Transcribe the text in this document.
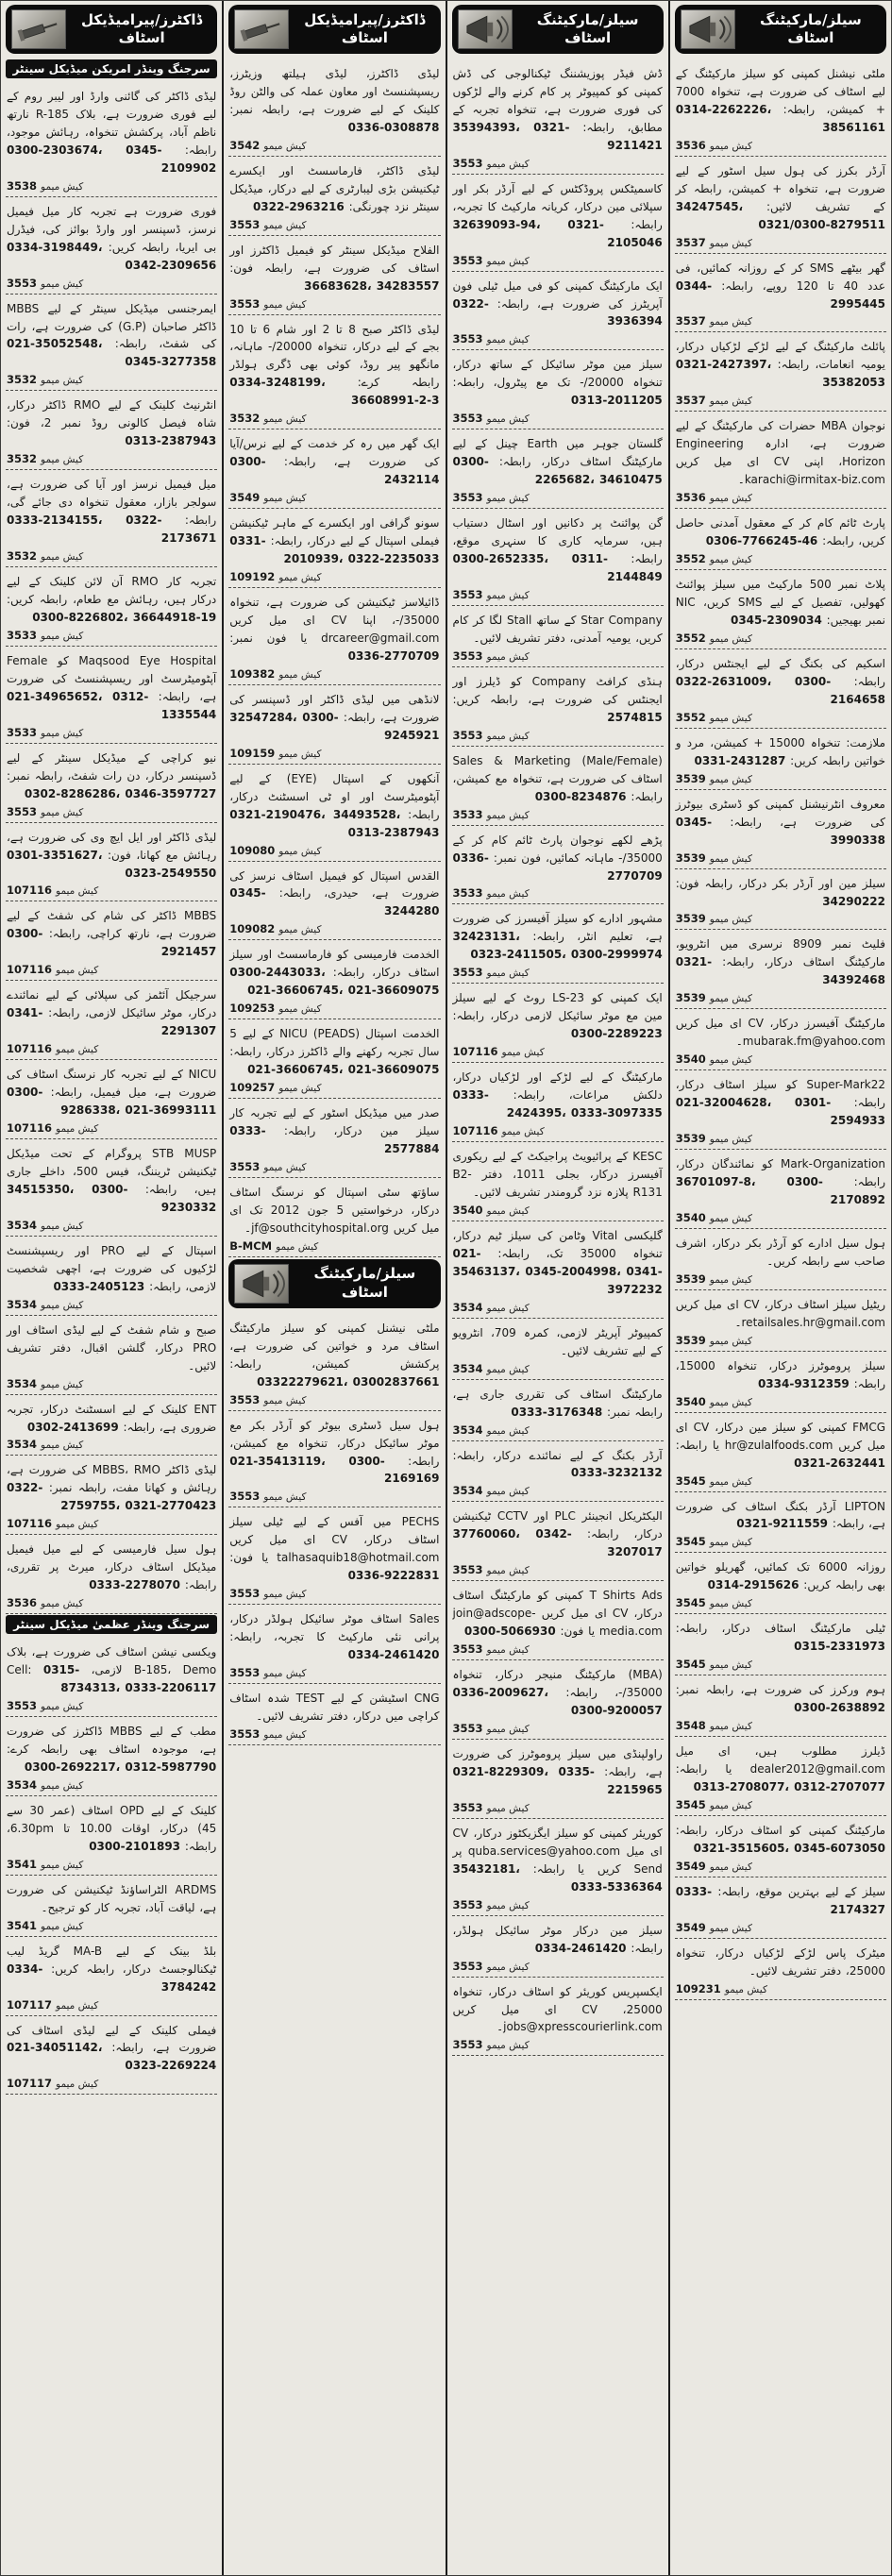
ڈاکٹرز/پیرامیڈیکل اسٹاف
سرجنگ وینڈر امریکن میڈیکل سینٹر

لیڈی ڈاکٹر کی گائنی وارڈ اور لیبر روم کے لیے فوری ضرورت ہے، بلاک R-185 نارتھ ناظم آباد، پرکشش تنخواہ، رہائش موجود، رابطہ: 0300-2303674، 0345-2109902

کیش میمو
3538

فوری ضرورت ہے تجربہ کار میل فیمیل نرسز، ڈسپنسر اور وارڈ بوائز کی، فیڈرل بی ایریا، رابطہ کریں: 0334-3198449، 0342-2309656

کیش میمو
3553

ایمرجنسی میڈیکل سینٹر کے لیے MBBS ڈاکٹر صاحبان (G.P) کی ضرورت ہے، رات کی شفٹ، رابطہ: 021-35052548، 0345-3277358

کیش میمو
3532

انٹرنیٹ کلینک کے لیے RMO ڈاکٹر درکار، شاہ فیصل کالونی روڈ نمبر 2، فون: 0313-2387943

کیش میمو
3532

میل فیمیل نرسز اور آیا کی ضرورت ہے، سولجر بازار، معقول تنخواہ دی جائے گی، رابطہ: 0333-2134155، 0322-2173671

کیش میمو
3532

تجربہ کار RMO آن لائن کلینک کے لیے درکار ہیں، رہائش مع طعام، رابطہ کریں: 0300-8226802، 36644918-19

کیش میمو
3533

Maqsood Eye Hospital کو Female آپٹومیٹرسٹ اور ریسپشنسٹ کی ضرورت ہے، رابطہ: 021-34965652، 0312-1335544

کیش میمو
3533

نیو کراچی کے میڈیکل سینٹر کے لیے ڈسپنسر درکار، دن رات شفٹ، رابطہ نمبر: 0302-8286286، 0346-3597727

کیش میمو
3553

لیڈی ڈاکٹر اور ایل ایچ وی کی ضرورت ہے، رہائش مع کھانا، فون: 0301-3351627، 0323-2549550

کیش میمو
107116

MBBS ڈاکٹر کی شام کی شفٹ کے لیے ضرورت ہے، نارتھ کراچی، رابطہ: 0300-2921457

کیش میمو
107116

سرجیکل آئٹمز کی سپلائی کے لیے نمائندے درکار، موٹر سائیکل لازمی، رابطہ: 0341-2291307

کیش میمو
107116

NICU کے لیے تجربہ کار نرسنگ اسٹاف کی ضرورت ہے، میل فیمیل، رابطہ: 0300-9286338، 021-36993111

کیش میمو
107116

STB MUSP پروگرام کے تحت میڈیکل ٹیکنیشن ٹریننگ، فیس 500، داخلے جاری ہیں، رابطہ: 34515350، 0300-9230332

کیش میمو
3534

اسپتال کے لیے PRO اور ریسپشنسٹ لڑکیوں کی ضرورت ہے، اچھی شخصیت لازمی، رابطہ: 0333-2405123

کیش میمو
3534

صبح و شام شفٹ کے لیے لیڈی اسٹاف اور PRO درکار، گلشن اقبال، دفتر تشریف لائیں۔

کیش میمو
3534

ENT کلینک کے لیے اسسٹنٹ درکار، تجربہ ضروری ہے، رابطہ: 0302-2413699

کیش میمو
3534

لیڈی ڈاکٹر MBBS، RMO کی ضرورت ہے، رہائش و کھانا مفت، رابطہ نمبر: 0322-2759755، 0321-2770423

کیش میمو
107116

ہول سیل فارمیسی کے لیے میل فیمیل میڈیکل اسٹاف درکار، میرٹ پر تقرری، رابطہ: 0333-2278070

کیش میمو
3536
سرجنگ وینڈر عظمیٰ میڈیکل سینٹر

ویکسی نیشن اسٹاف کی ضرورت ہے، بلاک B-185، Demo لازمی، Cell: 0315-8734313، 0333-2206117

کیش میمو
3553

مطب کے لیے MBBS ڈاکٹرز کی ضرورت ہے، موجودہ اسٹاف بھی رابطہ کرے: 0300-2692217، 0312-5987790

کیش میمو
3534

کلینک کے لیے OPD اسٹاف (عمر 30 سے 45) درکار، اوقات 10.00 تا 6.30pm، رابطہ: 0300-2101893

کیش میمو
3541

ARDMS الٹراساؤنڈ ٹیکنیشن کی ضرورت ہے، لیاقت آباد، تجربہ کار کو ترجیح۔

کیش میمو
3541

بلڈ بینک کے لیے MA-B گریڈ لیب ٹیکنالوجسٹ درکار، رابطہ کریں: 0334-3784242

کیش میمو
107117

فیملی کلینک کے لیے لیڈی اسٹاف کی ضرورت ہے، رابطہ: 021-34051142، 0323-2269224

کیش میمو
107117
ڈاکٹرز/پیرامیڈیکل اسٹاف

لیڈی ڈاکٹرز، لیڈی ہیلتھ وزیٹرز، ریسپشنسٹ اور معاون عملہ کی والٹن روڈ کلینک کے لیے ضرورت ہے، رابطہ نمبر: 0336-0308878

کیش میمو
3542

لیڈی ڈاکٹر، فارماسسٹ اور ایکسرے ٹیکنیشن بڑی لیبارٹری کے لیے درکار، میڈیکل سینٹر نزد چورنگی: 0322-2963216

کیش میمو
3553

الفلاح میڈیکل سینٹر کو فیمیل ڈاکٹرز اور اسٹاف کی ضرورت ہے، رابطہ فون: 36683628، 34283557

کیش میمو
3553

لیڈی ڈاکٹر صبح 8 تا 2 اور شام 6 تا 10 بجے کے لیے درکار، تنخواہ 20000/- ماہانہ، مانگھو پیر روڈ، کوئی بھی ڈگری ہولڈر رابطہ کرے: 0334-3248199، 36608991-2-3

کیش میمو
3532

ایک گھر میں رہ کر خدمت کے لیے نرس/آیا کی ضرورت ہے، رابطہ: 0300-2432114

کیش میمو
3549

سونو گرافی اور ایکسرے کے ماہر ٹیکنیشن فیملی اسپتال کے لیے درکار، رابطہ: 0331-2010939، 0322-2235033

کیش میمو
109192

ڈائیلاسز ٹیکنیشن کی ضرورت ہے، تنخواہ 35000/-، اپنا CV ای میل کریں drcareer@gmail.com یا فون نمبر: 0336-2770709

کیش میمو
109382

لانڈھی میں لیڈی ڈاکٹر اور ڈسپنسر کی ضرورت ہے، رابطہ: 32547284، 0300-9245921

کیش میمو
109159

آنکھوں کے اسپتال (EYE) کے لیے آپٹومیٹرسٹ اور او ٹی اسسٹنٹ درکار، رابطہ: 0321-2190476، 34493528، 0313-2387943

کیش میمو
109080

القدس اسپتال کو فیمیل اسٹاف نرسز کی ضرورت ہے، حیدری، رابطہ: 0345-3244280

کیش میمو
109082

الخدمت فارمیسی کو فارماسسٹ اور سیلز اسٹاف درکار، رابطہ: 0300-2443033، 021-36606745، 021-36609075

کیش میمو
109253

الخدمت اسپتال NICU (PEADS) کے لیے 5 سال تجربہ رکھنے والے ڈاکٹرز درکار، رابطہ: 021-36606745، 021-36609075

کیش میمو
109257

صدر میں میڈیکل اسٹور کے لیے تجربہ کار سیلز مین درکار، رابطہ: 0333-2577884

کیش میمو
3553

ساؤتھ سٹی اسپتال کو نرسنگ اسٹاف درکار، درخواستیں 5 جون 2012 تک ای میل کریں jf@southcityhospital.org۔

کیش میمو
B-MCM
سیلز/مارکیٹنگ اسٹاف

ملٹی نیشنل کمپنی کو سیلز مارکیٹنگ اسٹاف مرد و خواتین کی ضرورت ہے، پرکشش کمیشن، رابطہ: 03322279621، 03002837661

کیش میمو
3553

ہول سیل ڈسٹری بیوٹر کو آرڈر بکر مع موٹر سائیکل درکار، تنخواہ مع کمیشن، رابطہ: 021-35413119، 0300-2169169

کیش میمو
3553

PECHS میں آفس کے لیے ٹیلی سیلز اسٹاف درکار، CV ای میل کریں talhasaquib18@hotmail.com یا فون: 0336-9222831

کیش میمو
3553

Sales اسٹاف موٹر سائیکل ہولڈر درکار، پرانی نئی مارکیٹ کا تجربہ، رابطہ: 0334-2461420

کیش میمو
3553

CNG اسٹیشن کے لیے TEST شدہ اسٹاف کراچی میں درکار، دفتر تشریف لائیں۔

کیش میمو
3553
سیلز/مارکیٹنگ اسٹاف

ڈش فیڈر پوزیشننگ ٹیکنالوجی کی ڈش کمپنی کو کمپیوٹر پر کام کرنے والے لڑکوں کی فوری ضرورت ہے، تنخواہ تجربہ کے مطابق، رابطہ: 35394393، 0321-9211421

کیش میمو
3553

کاسمیٹکس پروڈکٹس کے لیے آرڈر بکر اور سپلائی مین درکار، کریانہ مارکیٹ کا تجربہ، رابطہ: 32639093-94، 0321-2105046

کیش میمو
3553

ایک مارکیٹنگ کمپنی کو فی میل ٹیلی فون آپریٹرز کی ضرورت ہے، رابطہ: 0322-3936394

کیش میمو
3553

سیلز مین موٹر سائیکل کے ساتھ درکار، تنخواہ 20000/- تک مع پیٹرول، رابطہ: 0313-2011205

کیش میمو
3553

گلستان جوہر میں Earth چینل کے لیے مارکیٹنگ اسٹاف درکار، رابطہ: 0300-2265682، 34610475

کیش میمو
3553

گن پوائنٹ پر دکانیں اور اسٹال دستیاب ہیں، سرمایہ کاری کا سنہری موقع، رابطہ: 0300-2652335، 0311-2144849

کیش میمو
3553

Star Company کے ساتھ Stall لگا کر کام کریں، یومیہ آمدنی، دفتر تشریف لائیں۔

کیش میمو
3553

ہنڈی کرافٹ Company کو ڈیلرز اور ایجنٹس کی ضرورت ہے، رابطہ کریں: 2574815

کیش میمو
3553

(Male/Female) Sales & Marketing اسٹاف کی ضرورت ہے، تنخواہ مع کمیشن، رابطہ: 0300-8234876

کیش میمو
3533

پڑھے لکھے نوجوان پارٹ ٹائم کام کر کے 35000/- ماہانہ کمائیں، فون نمبر: 0336-2770709

کیش میمو
3533

مشہور ادارے کو سیلز آفیسرز کی ضرورت ہے، تعلیم انٹر، رابطہ: 32423131، 0323-2411505، 0300-2999974

کیش میمو
3553

ایک کمپنی کو LS-23 روٹ کے لیے سیلز مین مع موٹر سائیکل لازمی درکار، رابطہ: 0300-2289223

کیش میمو
107116

مارکیٹنگ کے لیے لڑکے اور لڑکیاں درکار، دلکش مراعات، رابطہ: 0333-2424395، 0333-3097335

کیش میمو
107116

KESC کے پرائیویٹ پراجیکٹ کے لیے ریکوری آفیسرز درکار، بجلی 1011، دفتر B2-R131 پلازہ نزد گرومندر تشریف لائیں۔

کیش میمو
3540

گلیکسی Vital وٹامن کی سیلز ٹیم درکار، تنخواہ 35000 تک، رابطہ: 021-35463137، 0345-2004998، 0341-3972232

کیش میمو
3534

کمپیوٹر آپریٹر لازمی، کمرہ 709، انٹرویو کے لیے تشریف لائیں۔

کیش میمو
3534

مارکیٹنگ اسٹاف کی تقرری جاری ہے، رابطہ نمبر: 0333-3176348

کیش میمو
3534

آرڈر بکنگ کے لیے نمائندے درکار، رابطہ: 0333-3232132

کیش میمو
3534

الیکٹریکل انجینئر PLC اور CCTV ٹیکنیشن درکار، رابطہ: 37760060، 0342-3207017

کیش میمو
3553

T Shirts Ads کمپنی کو مارکیٹنگ اسٹاف درکار، CV ای میل کریں join@adscope-media.com یا فون: 0300-5066930

کیش میمو
3553

(MBA) مارکیٹنگ منیجر درکار، تنخواہ 35000/-، رابطہ: 0336-2009627، 0300-9200057

کیش میمو
3553

راولپنڈی میں سیلز پروموٹرز کی ضرورت ہے، رابطہ: 0321-8229309، 0335-2215965

کیش میمو
3553

کوریئر کمپنی کو سیلز ایگزیکٹوز درکار، CV ای میل quba.services@yahoo.com پر Send کریں یا رابطہ: 35432181، 0333-5336364

کیش میمو
3553

سیلز مین درکار موٹر سائیکل ہولڈر، رابطہ: 0334-2461420

کیش میمو
3553

ایکسپریس کوریئر کو اسٹاف درکار، تنخواہ 25000، CV ای میل کریں jobs@xpresscourierlink.com۔

کیش میمو
3553
سیلز/مارکیٹنگ اسٹاف

ملٹی نیشنل کمپنی کو سیلز مارکیٹنگ کے لیے اسٹاف کی ضرورت ہے، تنخواہ 7000 + کمیشن، رابطہ: 0314-2262226، 38561161

کیش میمو
3536

آرڈر بکرز کی ہول سیل اسٹور کے لیے ضرورت ہے، تنخواہ + کمیشن، رابطہ کر کے تشریف لائیں: 34247545، 0321/0300-8279511

کیش میمو
3537

گھر بیٹھے SMS کر کے روزانہ کمائیں، فی عدد 40 تا 120 روپے، رابطہ: 0344-2995445

کیش میمو
3537

پائلٹ مارکیٹنگ کے لیے لڑکے لڑکیاں درکار، یومیہ انعامات، رابطہ: 0321-2427397، 35382053

کیش میمو
3537

نوجوان MBA حضرات کی مارکیٹنگ کے لیے ضرورت ہے، ادارہ Engineering Horizon، اپنی CV ای میل کریں karachi@irmitax-biz.com۔

کیش میمو
3536

پارٹ ٹائم کام کر کے معقول آمدنی حاصل کریں، رابطہ: 0306-7766245-46

کیش میمو
3552

پلاٹ نمبر 500 مارکیٹ میں سیلز پوائنٹ کھولیں، تفصیل کے لیے SMS کریں، NIC نمبر بھیجیں: 0345-2309034

کیش میمو
3552

اسکیم کی بکنگ کے لیے ایجنٹس درکار، رابطہ: 0322-2631009، 0300-2164658

کیش میمو
3552

ملازمت: تنخواہ 15000 + کمیشن، مرد و خواتین رابطہ کریں: 0331-2431287

کیش میمو
3539

معروف انٹرنیشنل کمپنی کو ڈسٹری بیوٹرز کی ضرورت ہے، رابطہ: 0345-3990338

کیش میمو
3539

سیلز مین اور آرڈر بکر درکار، رابطہ فون: 34290222

کیش میمو
3539

فلیٹ نمبر 8909 نرسری میں انٹرویو، مارکیٹنگ اسٹاف درکار، رابطہ: 0321-34392468

کیش میمو
3539

مارکیٹنگ آفیسرز درکار، CV ای میل کریں mubarak.fm@yahoo.com۔

کیش میمو
3540

Super-Mark22 کو سیلز اسٹاف درکار، رابطہ: 021-32004628، 0301-2594933

کیش میمو
3539

Mark-Organization کو نمائندگان درکار، رابطہ: 36701097-8، 0300-2170892

کیش میمو
3540

ہول سیل ادارے کو آرڈر بکر درکار، اشرف صاحب سے رابطہ کریں۔

کیش میمو
3539

ریٹیل سیلز اسٹاف درکار، CV ای میل کریں retailsales.hr@gmail.com۔

کیش میمو
3539

سیلز پروموٹرز درکار، تنخواہ 15000، رابطہ: 0334-9312359

کیش میمو
3540

FMCG کمپنی کو سیلز مین درکار، CV ای میل کریں hr@zulalfoods.com یا رابطہ: 0321-2632441

کیش میمو
3545

LIPTON آرڈر بکنگ اسٹاف کی ضرورت ہے، رابطہ: 0321-9211559

کیش میمو
3545

روزانہ 6000 تک کمائیں، گھریلو خواتین بھی رابطہ کریں: 0314-2915626

کیش میمو
3545

ٹیلی مارکیٹنگ اسٹاف درکار، رابطہ: 0315-2331973

کیش میمو
3545

ہوم ورکرز کی ضرورت ہے، رابطہ نمبر: 0300-2638892

کیش میمو
3548

ڈیلرز مطلوب ہیں، ای میل dealer2012@gmail.com یا رابطہ: 0313-2708077، 0312-2707077

کیش میمو
3545

مارکیٹنگ کمپنی کو اسٹاف درکار، رابطہ: 0321-3515605، 0345-6073050

کیش میمو
3549

سیلز کے لیے بہترین موقع، رابطہ: 0333-2174327

کیش میمو
3549

میٹرک پاس لڑکے لڑکیاں درکار، تنخواہ 25000، دفتر تشریف لائیں۔

کیش میمو
109231
